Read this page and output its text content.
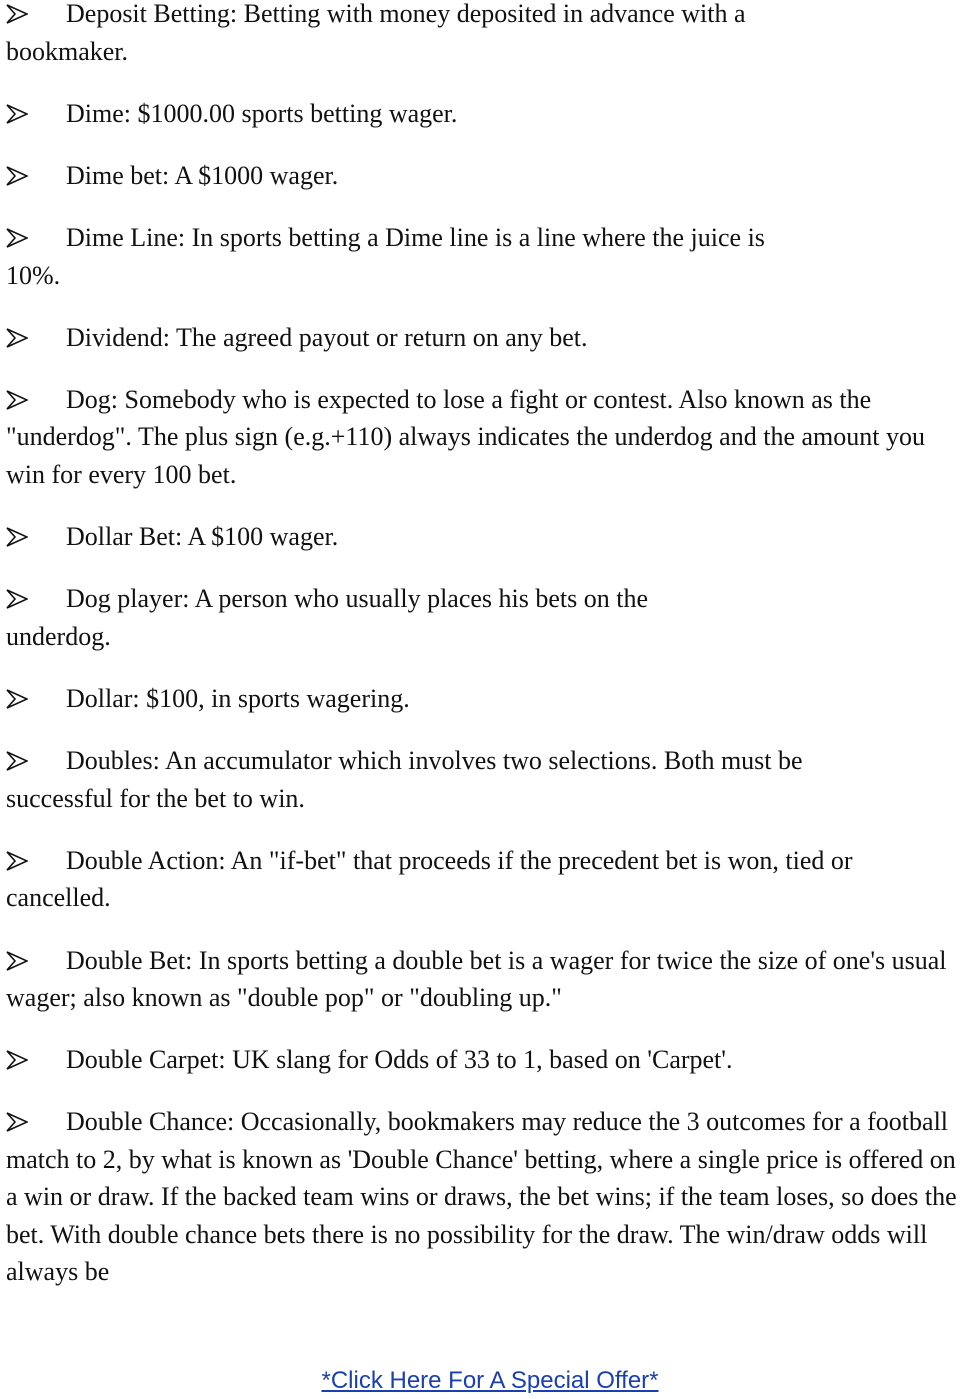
Deposit Betting: Betting with money deposited in advance with a bookmaker.
Dime: $1000.00 sports betting wager.
Dime bet: A $1000 wager.
Dime Line: In sports betting a Dime line is a line where the juice is 10%.
Dividend: The agreed payout or return on any bet.
Dog: Somebody who is expected to lose a fight or contest. Also known as the "underdog". The plus sign (e.g.+110) always indicates the underdog and the amount you win for every 100 bet.
Dollar Bet: A $100 wager.
Dog player: A person who usually places his bets on the underdog.
Dollar: $100, in sports wagering.
Doubles: An accumulator which involves two selections. Both must be successful for the bet to win.
Double Action: An "if-bet" that proceeds if the precedent bet is won, tied or cancelled.
Double Bet: In sports betting a double bet is a wager for twice the size of one's usual wager; also known as "double pop" or "doubling up."
Double Carpet: UK slang for Odds of 33 to 1, based on 'Carpet'.
Double Chance: Occasionally, bookmakers may reduce the 3 outcomes for a football match to 2, by what is known as 'Double Chance' betting, where a single price is offered on a win or draw. If the backed team wins or draws, the bet wins; if the team loses, so does the bet. With double chance bets there is no possibility for the draw. The win/draw odds will always be
*Click Here For A Special Offer*
